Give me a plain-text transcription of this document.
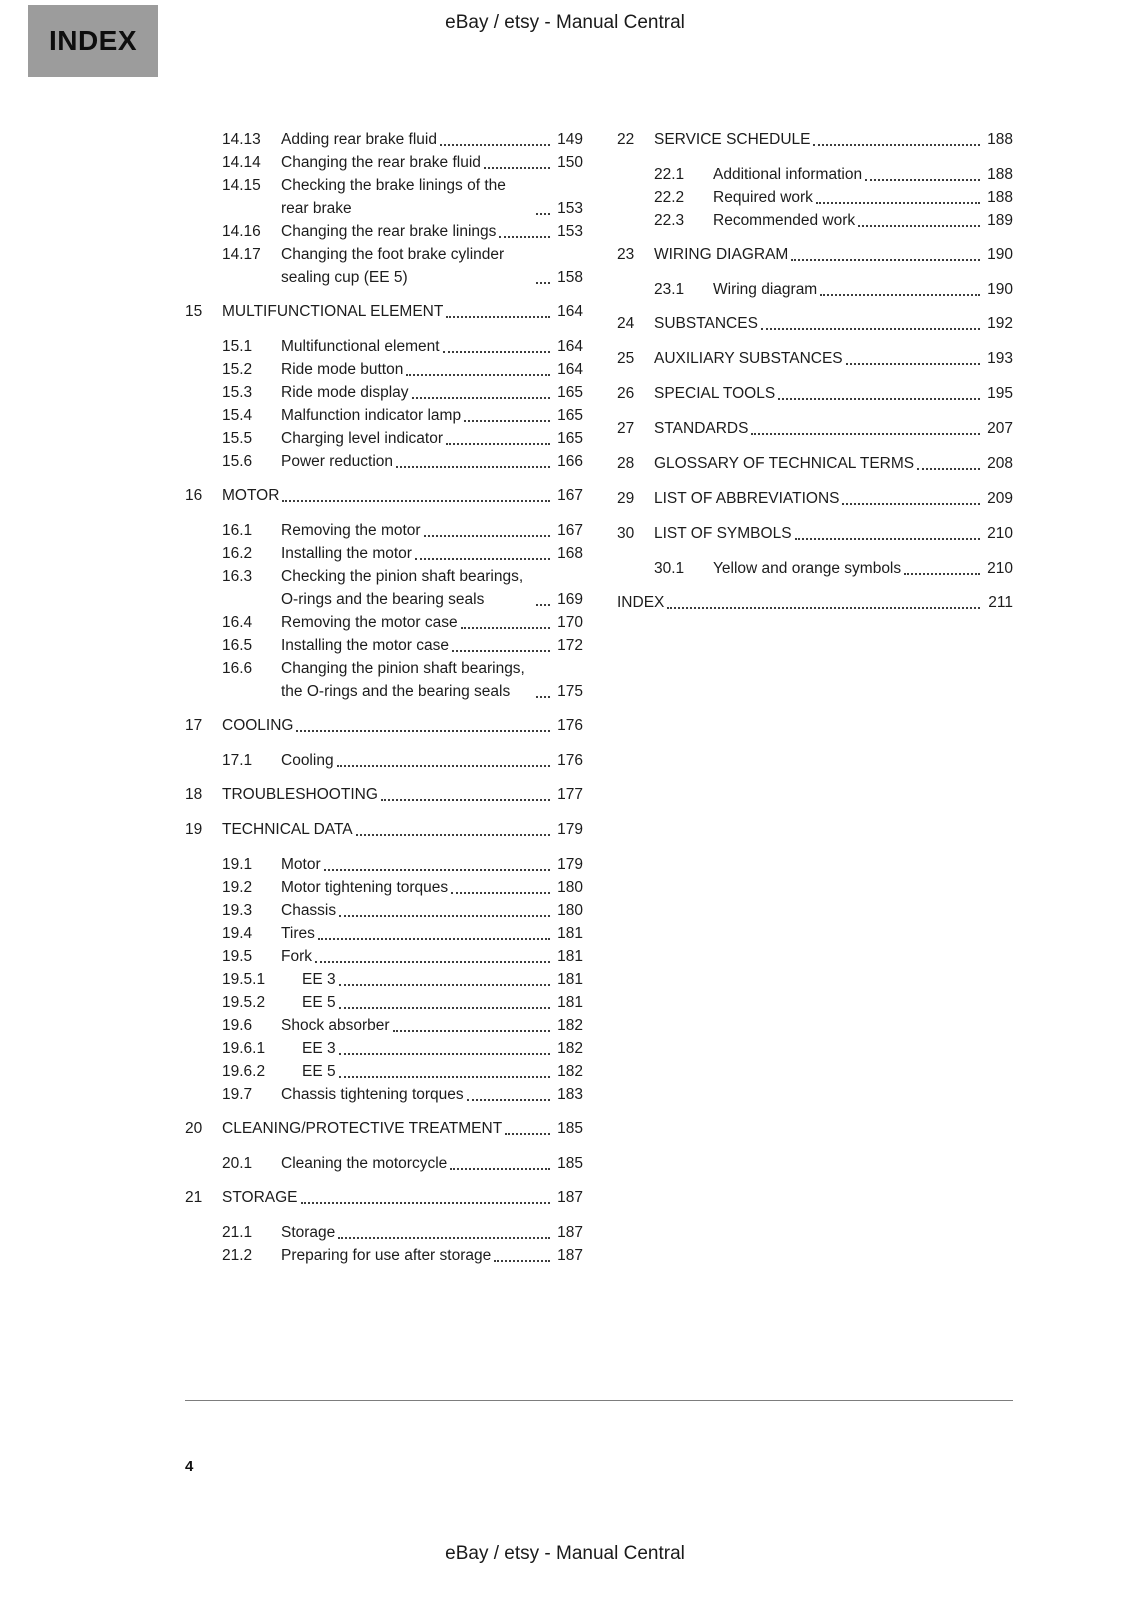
INDEX
eBay / etsy - Manual Central
14.13	Adding rear brake fluid	149
14.14	Changing the rear brake fluid	150
14.15	Checking the brake linings of the rear brake	153
14.16	Changing the rear brake linings	153
14.17	Changing the foot brake cylinder sealing cup (EE 5)	158
15	MULTIFUNCTIONAL ELEMENT	164
15.1	Multifunctional element	164
15.2	Ride mode button	164
15.3	Ride mode display	165
15.4	Malfunction indicator lamp	165
15.5	Charging level indicator	165
15.6	Power reduction	166
16	MOTOR	167
16.1	Removing the motor	167
16.2	Installing the motor	168
16.3	Checking the pinion shaft bearings, O-rings and the bearing seals	169
16.4	Removing the motor case	170
16.5	Installing the motor case	172
16.6	Changing the pinion shaft bearings, the O-rings and the bearing seals	175
17	COOLING	176
17.1	Cooling	176
18	TROUBLESHOOTING	177
19	TECHNICAL DATA	179
19.1	Motor	179
19.2	Motor tightening torques	180
19.3	Chassis	180
19.4	Tires	181
19.5	Fork	181
19.5.1	EE 3	181
19.5.2	EE 5	181
19.6	Shock absorber	182
19.6.1	EE 3	182
19.6.2	EE 5	182
19.7	Chassis tightening torques	183
20	CLEANING/PROTECTIVE TREATMENT	185
20.1	Cleaning the motorcycle	185
21	STORAGE	187
21.1	Storage	187
21.2	Preparing for use after storage	187
22	SERVICE SCHEDULE	188
22.1	Additional information	188
22.2	Required work	188
22.3	Recommended work	189
23	WIRING DIAGRAM	190
23.1	Wiring diagram	190
24	SUBSTANCES	192
25	AUXILIARY SUBSTANCES	193
26	SPECIAL TOOLS	195
27	STANDARDS	207
28	GLOSSARY OF TECHNICAL TERMS	208
29	LIST OF ABBREVIATIONS	209
30	LIST OF SYMBOLS	210
30.1	Yellow and orange symbols	210
INDEX	211
4
eBay / etsy - Manual Central
